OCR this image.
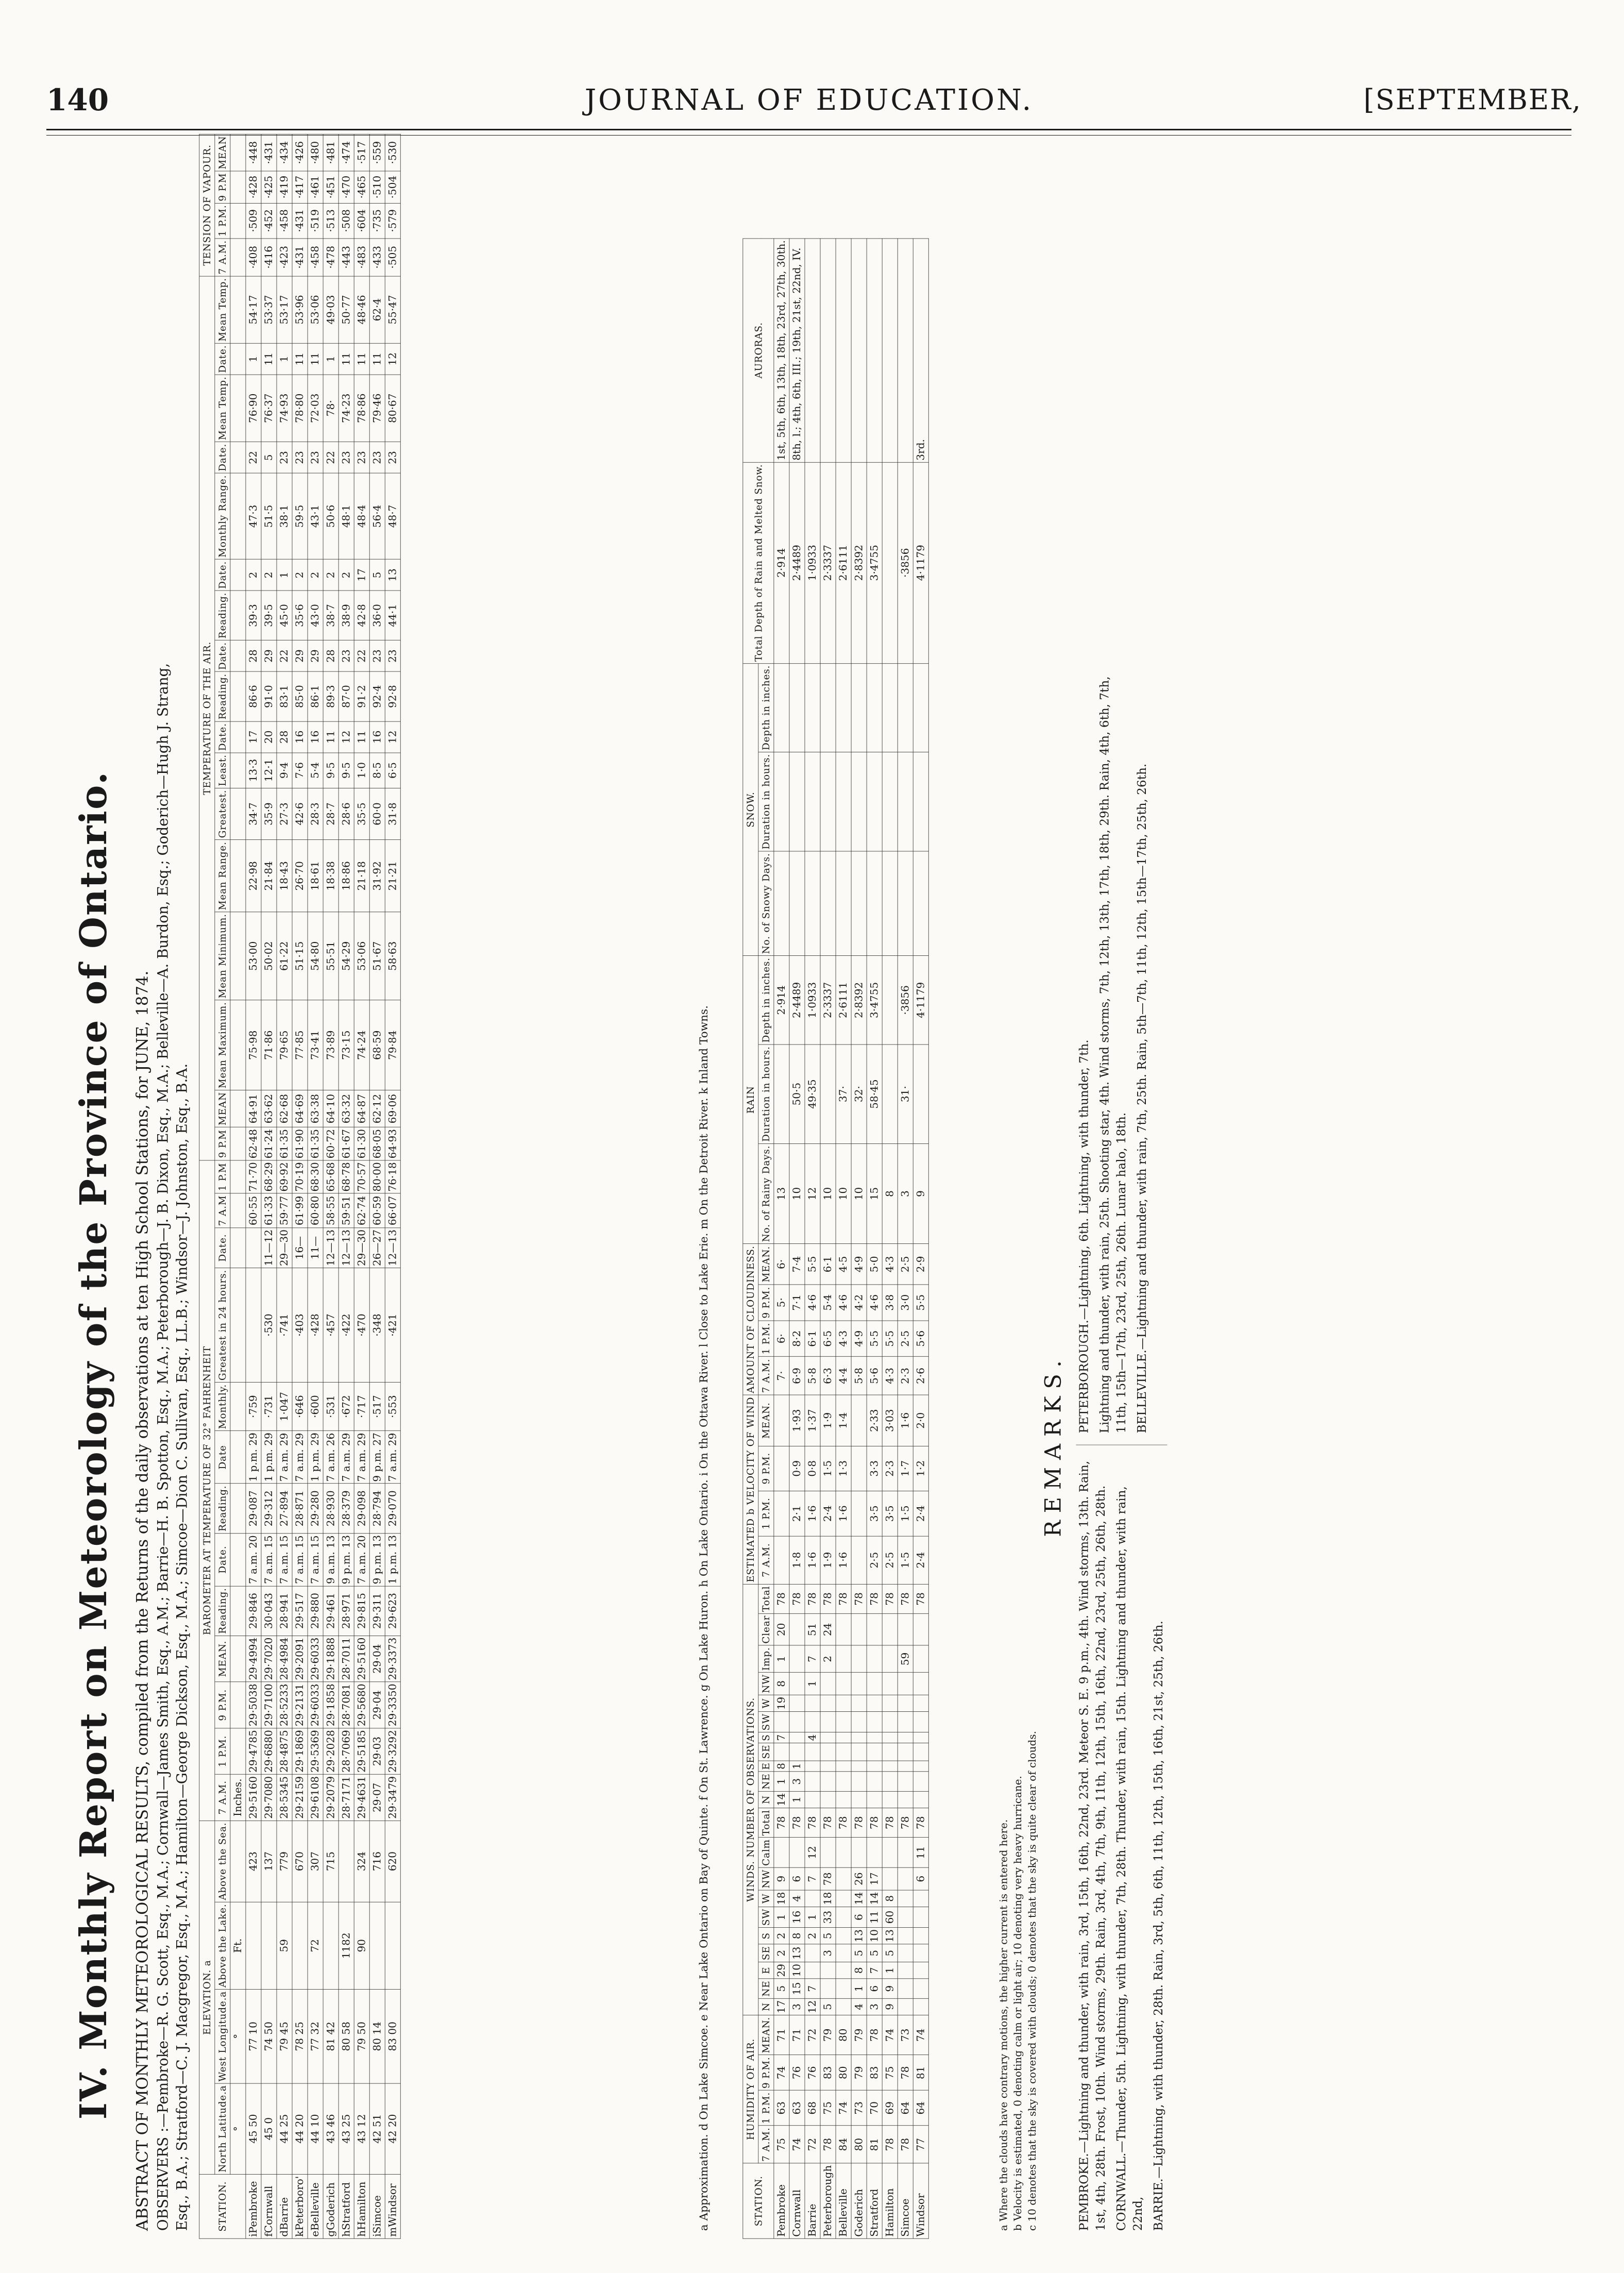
140	JOURNAL OF EDUCATION.	[SEPTEMBER,
IV. Monthly Report on Meteorology of the Province of Ontario. ABSTRACT OF MONTHLY METEOROLOGICAL RESULTS, compiled from the Returns of the daily observations at ten High School Stations, for JUNE, 1874. OBSERVERS :—Pembroke—R. G. Scott, Esq., M.A.; Cornwall—James Smith, Esq., A.M.; Barrie—H. B. Spotton, Esq., M.A.; Peterborough—J. B. Dixon, Esq., M.A.; Belleville—A. Burdon, Esq.; Goderich—Hugh J. Strang, Esq., B.A.; Stratford—C. J. Macgregor, Esq., M.A.; Hamilton—George Dickson, Esq., M.A.; Simcoe—Dion C. Sullivan, Esq., LL.B.; Windsor—J. Johnston, Esq., B.A. STATION.	ELEVATION. a				BAROMETER AT TEMPERATURE OF 32° FAHRENHEIT													TEMPERATURE OF THE AIR.																	TENSION OF VAPOUR.			
	North Latitude.a	West Longitude.a	Above the Lake.	Above the Sea.	7 A.M.	1 P.M.	9 P.M.	MEAN.	Reading.	Date.	Reading.	Date	Monthly.	Greatest in 24 hours.	Date.	7 A.M	1 P.M	9 P.M	MEAN	Mean Maximum.	Mean Minimum.	Mean Range.	Greatest.	Least.	Date.	Reading.	Date.	Reading.	Date.	Monthly Range.	Date.	Mean Temp.	Date.	Mean Temp.	7 A.M.	1 P.M.	9 P.M	MEAN
	°	°	Ft.		Inches.																																	
iPembroke	45 50	77 10		423	29·5160	29·4785	29·5038	29·4994	29·846	7 a.m. 20	29·087	1 p.m. 29	·759			60·55	71·70	62·48	64·91	75·98	53·00	22·98	34·7	13·3	17	86·6	28	39·3	2	47·3	22	76·90	1	54·17	·408	·509	·428	·448
fCornwall	45 0	74 50		137	29·7080	29·6880	29·7100	29·7020	30·043	7 a.m. 15	29·312	1 p.m. 29	·731	·530	11—12	61·33	68·29	61·24	63·62	71·86	50·02	21·84	35·9	12·1	20	91·0	29	39·5	2	51·5	5	76·37	11	53·37	·416	·452	·425	·431
dBarrie	44 25	79 45	59	779	28·5345	28·4875	28·5233	28·4984	28·941	7 a.m. 15	27·894	7 a.m. 29	1·047	·741	29—30	59·77	69·92	61·35	62·68	79·65	61·22	18·43	27·3	9·4	28	83·1	22	45·0	1	38·1	23	74·93	1	53·17	·423	·458	·419	·434
kPeterboro'	44 20	78 25		670	29·2159	29·1869	29·2131	29·2091	29·517	7 a.m. 15	28·871	7 a.m. 29	·646	·403	16—	61·99	70·19	61·90	64·69	77·85	51·15	26·70	42·6	7·6	16	85·0	29	35·6	2	59·5	23	78·80	11	53·96	·431	·431	·417	·426
eBelleville	44 10	77 32	72	307	29·6108	29·5369	29·6033	29·6033	29·880	7 a.m. 15	29·280	1 p.m. 29	·600	·428	11—	60·80	68·30	61·35	63·38	73·41	54·80	18·61	28·3	5·4	16	86·1	29	43·0	2	43·1	23	72·03	11	53·06	·458	·519	·461	·480
gGoderich	43 46	81 42		715	29·2079	29·2028	29·1858	29·1888	29·461	9 a.m. 13	28·930	7 a.m. 26	·531	·457	12—13	58·55	65·68	60·72	64·10	73·89	55·51	18·38	28·7	9·5	11	89·3	28	38·7	2	50·6	22	78·	1	49·03	·478	·513	·451	·481
hStratford	43 25	80 58	1182		28·7171	28·7069	28·7081	28·7011	28·971	9 p.m. 13	28·379	7 a.m. 29	·672	·422	12—13	59·51	68·78	61·67	63·32	73·15	54·29	18·86	28·6	9·5	12	87·0	23	38·9	2	48·1	23	74·23	11	50·77	·443	·508	·470	·474
hHamilton	43 12	79 50	90	324	29·4631	29·5185	29·5680	29·5160	29·815	7 a.m. 20	29·098	7 a.m. 29	·717	·470	29—30	62·74	70·57	61·30	64·87	74·24	53·06	21·18	35·5	1·0	11	91·2	22	42·8	17	48·4	23	78·86	11	48·46	·483	·604	·465	·517
iSimcoe	42 51	80 14		716	29·07	29·03	29·04	29·04	29·311	9 p.m. 13	28·794	9 p.m. 27	·517	·348	26—27	60·59	80·00	68·05	62·12	68·59	51·67	31·92	60·0	8·5	16	92·4	23	36·0	5	56·4	23	79·46	11	62·4	·433	·735	·510	·559
mWindsor	42 20	83 00		620	29·3479	29·3292	29·3350	29·3373	29·623	1 p.m. 13	29·070	7 a.m. 29	·553	·421	12—13	66·07	76·18	64·93	69·06	79·84	58·63	21·21	31·8	6·5	12	92·8	23	44·1	13	48·7	23	80·67	12	55·47	·505	·579	·504	·530
a Approximation. d On Lake Simcoe. e Near Lake Ontario on Bay of Quinte. f On St. Lawrence. g On Lake Huron. h On Lake Ontario. i On the Ottawa River. l Close to Lake Erie. m On the Detroit River. k Inland Towns.	STATION.	HUMIDITY OF AIR.				WINDS. NUMBER OF OBSERVATIONS.																					ESTIMATED b VELOCITY OF WIND				AMOUNT OF CLOUDINESS.				RAIN			SNOW.			Total Depth of Rain and Melted Snow.	AURORAS.
	7 A.M.	1 P.M.	9 P.M.	MEAN.	N	NE	E	SE	S	SW	W	NW	Calm	Total	N	NE	E	SE	S	SW	W	NW	Imp.	Clear	Total	7 A.M.	1 P.M.	9 P.M.	MEAN.	7 A.M.	1 P.M.	9 P.M.	MEAN.	No. of Rainy Days.	Duration in hours.	Depth in inches.	No. of Snowy Days.	Duration in hours.	Depth in inches.		
Pembroke	75	63	74	71	17	5	29	2	2	1	18	9		78	14	1	8		7		19	8	1	20	78					7·	6·	5·	6·	13		2·914				2·914	1st, 5th, 6th, 13th, 18th, 23rd, 27th, 30th.
Cornwall	74	63	76	71	3	15	10	13	8	16	4	6		78	1	3	1								78	1·8	2·1	0·9	1·93	6·9	8·2	7·1	7·4	10	50·5	2·4489				2·4489	8th, l.; 4th, 6th, III.; 19th, 21st, 22nd, IV.
Barrie	72	68	76	72	12	7			2	1		7	12	78					4			1	7	51	78	1·6	1·6	0·8	1·37	5·8	6·1	4·6	5·5	12	49·35	1·0933				1·0933	
Peterborough	78	75	83	79	5			3	5	33	18	78		78									2	24	78	1·9	2·4	1·5	1·9	6·3	6·5	5·4	6·1	10		2·3337				2·3337	
Belleville	84	74	80	80										78											78	1·6	1·6	1·3	1·4	4·4	4·3	4·6	4·5	10	37·	2·6111				2·6111	
Goderich	80	73	79	79	4	1	8	5	13	6	14	26		78											78					5·8	4·9	4·2	4·9	10	32·	2·8392				2·8392	
Stratford	81	70	83	78	3	6	7	5	10	11	14	17		78											78	2·5	3·5	3·3	2·33	5·6	5·5	4·6	5·0	15	58·45	3·4755				3·4755	
Hamilton	78	69	75	74	9	9	1	5	13	60	8			78											78	2·5	3·5	2·3	3·03	4·3	5·5	3·8	4·3	8							
Simcoe	78	64	78	73										78									59		78	1·5	1·5	1·7	1·6	2·3	2·5	3·0	2·5	3	31·	·3856				·3856	
Windsor	77	64	81	74								6	11	78											78	2·4	2·4	1·2	2·0	2·6	5·6	5·5	2·9	9		4·1179				4·1179	3rd.
a Where the clouds have contrary motions, the higher current is entered here. b Velocity is estimated, 0 denoting calm or light air; 10 denoting very heavy hurricane. c 10 denotes that the sky is covered with clouds; 0 denotes that the sky is quite clear of clouds.
REMARKS.

PEMBROKE.—Lightning and thunder, with rain, 3rd, 15th, 16th, 22nd, 23rd. Meteor S. E. 9 p.m., 4th. Wind storms, 13th. Rain, 1st, 4th, 28th. Frost, 10th. Wind storms, 29th. Rain, 3rd, 4th, 7th, 9th, 11th, 12th, 15th, 16th, 22nd, 23rd, 25th, 26th, 28th. CORNWALL.—Thunder, 5th. Lightning, with thunder, 7th, 28th. Thunder, with rain, 15th. Lightning and thunder, with rain, 22nd, BARRIE.—Lightning, with thunder, 28th. Rain, 3rd, 5th, 6th, 11th, 12th, 15th, 16th, 21st, 25th, 26th.

PETERBOROUGH.—Lightning, 6th. Lightning, with thunder, 7th. Lightning and thunder, with rain, 25th. Shooting star, 4th. Wind storms, 7th, 12th, 13th, 17th, 18th, 29th. Rain, 4th, 6th, 7th, 11th, 15th—17th, 23rd, 25th, 26th. Lunar halo, 18th. BELLEVILLE.—Lightning and thunder, with rain, 7th, 25th. Rain, 5th—7th, 11th, 12th, 15th—17th, 25th, 26th.
